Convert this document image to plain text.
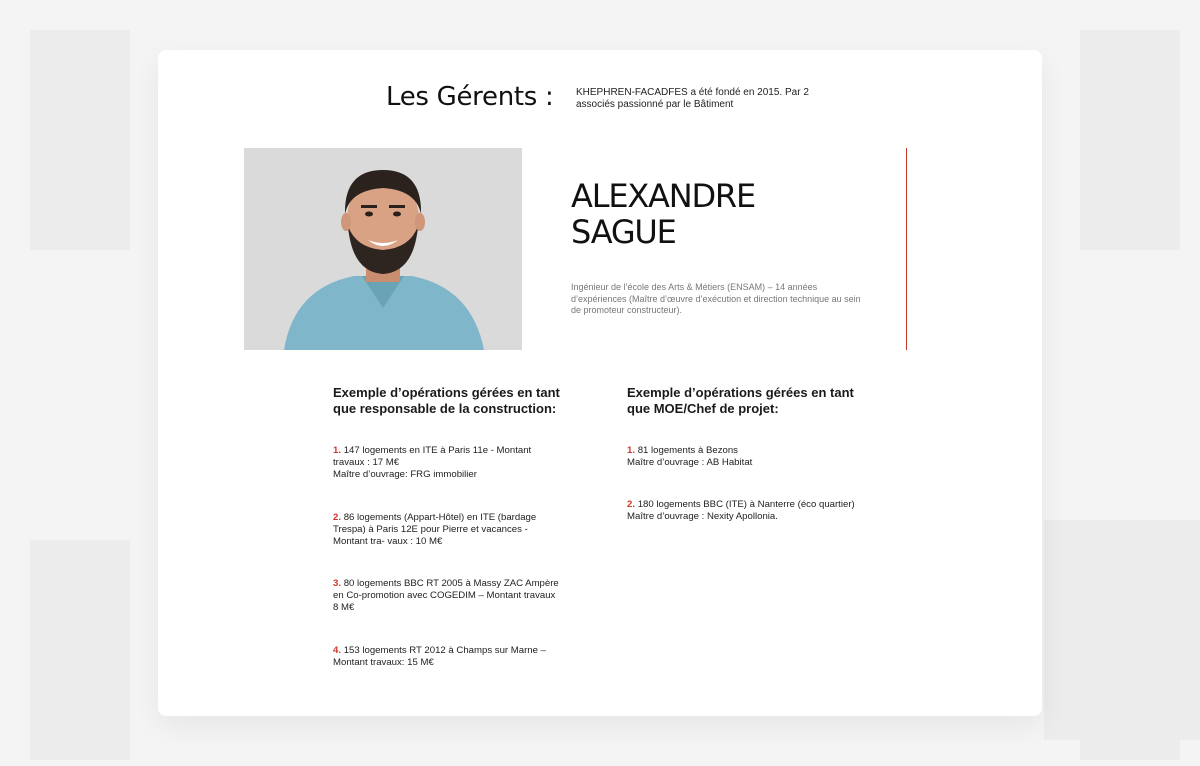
Les Gérents : KHEPHREN-FACADFES a été fondé en 2015. Par 2 associés passionné par le Bâtiment

ALEXANDRE
SAGUE

Ingénieur de l’école des Arts & Métiers (ENSAM) – 14 années d’expériences (Maître d’œuvre d’exécution et direction technique au sein de promoteur constructeur).

Exemple d’opérations gérées en tant que responsable de la construction:
1. 147 logements en ITE à Paris 11e - Montant travaux : 17 M€
Maître d’ouvrage: FRG immobilier
2. 86 logements (Appart-Hôtel) en ITE (bardage Trespa) à Paris 12E pour Pierre et vacances - Montant tra- vaux : 10 M€
3. 80 logements BBC RT 2005 à Massy ZAC Ampère en Co-promotion avec COGEDIM – Montant travaux 8 M€
4. 153 logements RT 2012 à Champs sur Marne – Montant travaux: 15 M€
Exemple d’opérations gérées en tant que MOE/Chef de projet:
1. 81 logements à Bezons
Maître d’ouvrage : AB Habitat
2. 180 logements BBC (ITE) à Nanterre (éco quartier)
Maître d’ouvrage : Nexity Apollonia.
